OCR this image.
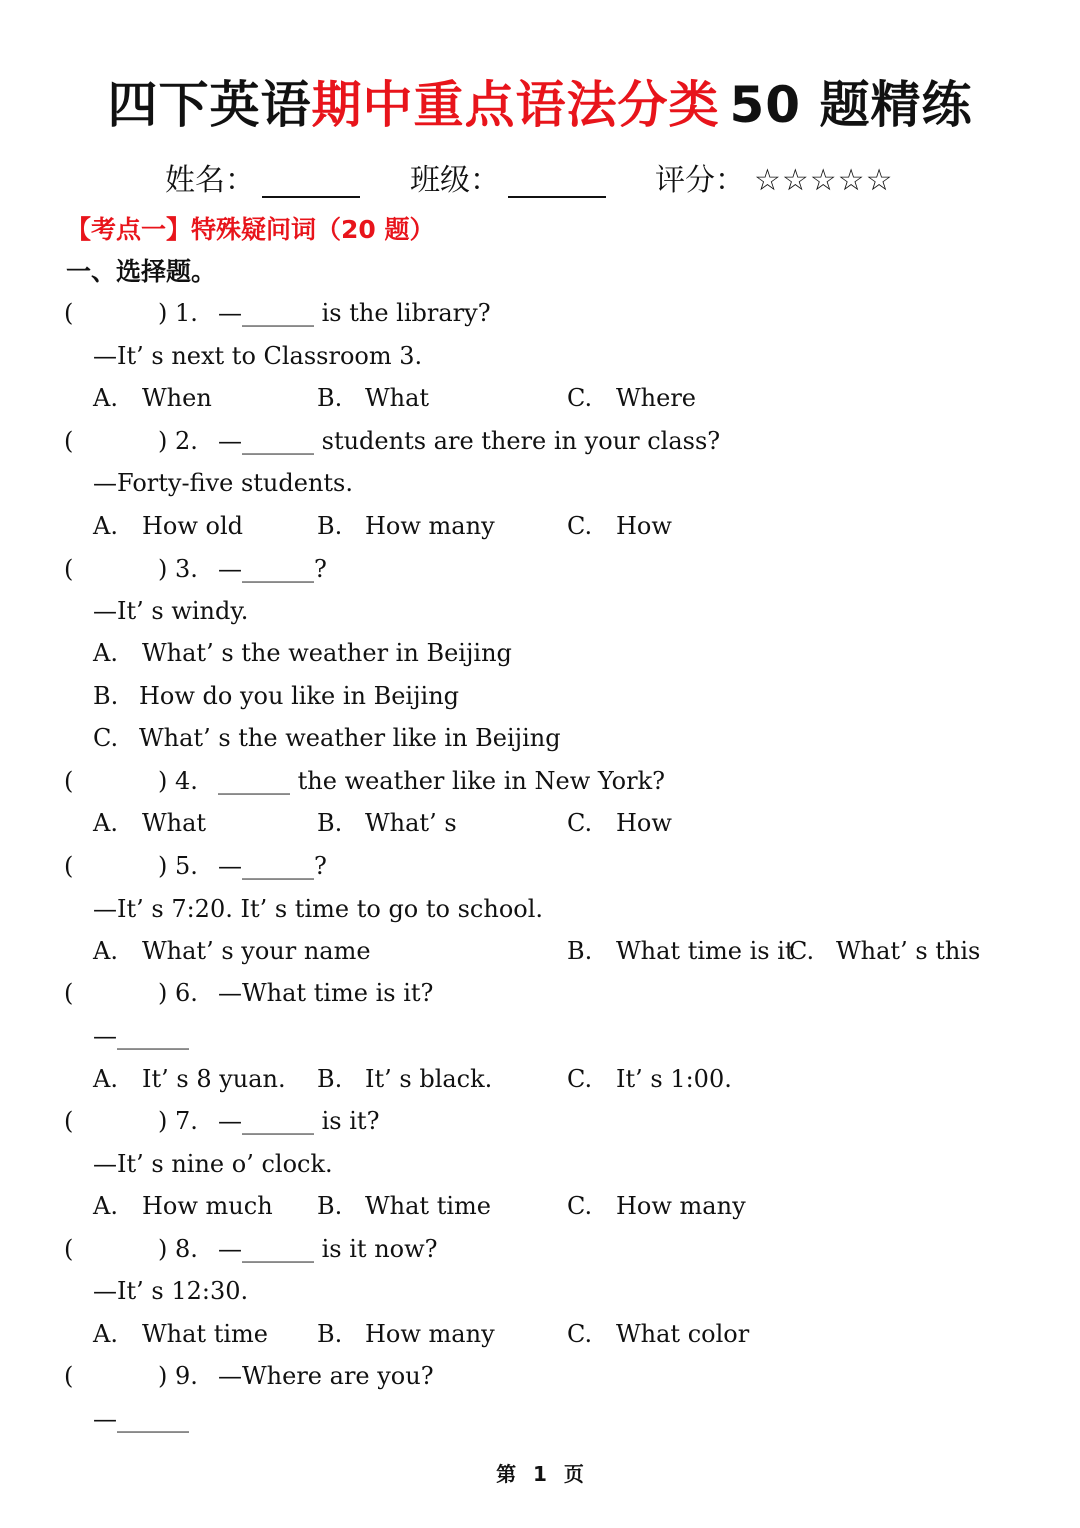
四下英语期中重点语法分类 50 题精练
姓名：	班级：	评分： ☆☆☆☆☆
【考点一】特殊疑问词（20 题）
一、选择题。
(	) 1. —______ is the library?
—It’ s next to Classroom 3.
A. When	B. What	C. Where
(	) 2. —______ students are there in your class?
—Forty-five students.
A. How old	B. How many	C. How
(	) 3. —______?
—It’ s windy.
A. What’ s the weather in Beijing
B. How do you like in Beijing
C. What’ s the weather like in Beijing
(	) 4. ______ the weather like in New York?
A. What	B. What’ s	C. How
(	) 5. —______?
—It’ s 7:20. It’ s time to go to school.
A. What’ s your name	B. What time is it
C. What’ s this
(	) 6. —What time is it?
—______
A. It’ s 8 yuan. B. It’ s black.	C. It’ s 1:00.
(	) 7. —______ is it?
—It’ s nine o’ clock.
A. How much B. What time	C. How many
(	) 8. —______ is it now?
—It’ s 12:30.
A. What time B. How many	C. What color
(	) 9. —Where are you?
—______
第 1 页
